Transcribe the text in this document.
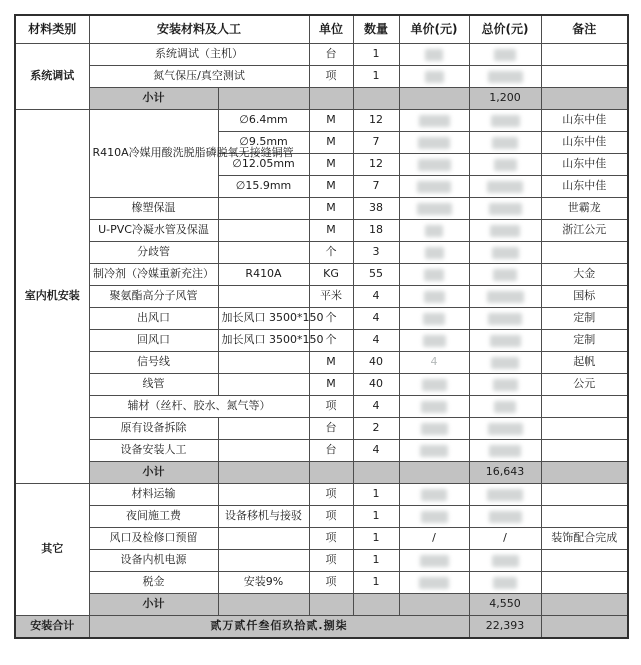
材料类别	安装材料及人工		单位	数量	单价(元)	总价(元)	备注
系统调试	系统调试（主机）		台	1	

	氮气保压/真空测试		项	1	

	小计					1,200	
室内机安装	R410A冷媒用酸洗脱脂磷脱氧无接缝铜管	∅6.4mm	M	12			山东中佳
		∅9.5mm	M	7			山东中佳
		∅12.05mm	M	12			山东中佳
		∅15.9mm	M	7			山东中佳
	橡塑保温		M	38			世霸龙
	U-PVC冷凝水管及保温		M	18			浙江公元
	分歧管		个	3	

	制冷剂（冷媒重新充注）	R410A	KG	55			大金
	聚氨酯高分子风管		平米	4			国标
	出风口	加长风口 3500*150	个	4			定制
	回风口	加长风口 3500*150	个	4			定制
	信号线		M	40	4		起帆
	线管		M	40			公元
	辅材（丝杆、胶水、氮气等）		项	4	

	原有设备拆除		台	2	

	设备安装人工		台	4	

	小计					16,643	
其它	材料运输		项	1	

	夜间施工费	设备移机与接驳	项	1	

	风口及检修口预留		项	1	/	/	装饰配合完成
	设备内机电源		项	1	

	税金	安装9%	项	1	

	小计					4,550	
安装合计	贰万贰仟叁佰玖拾贰.捌柒					22,393	
